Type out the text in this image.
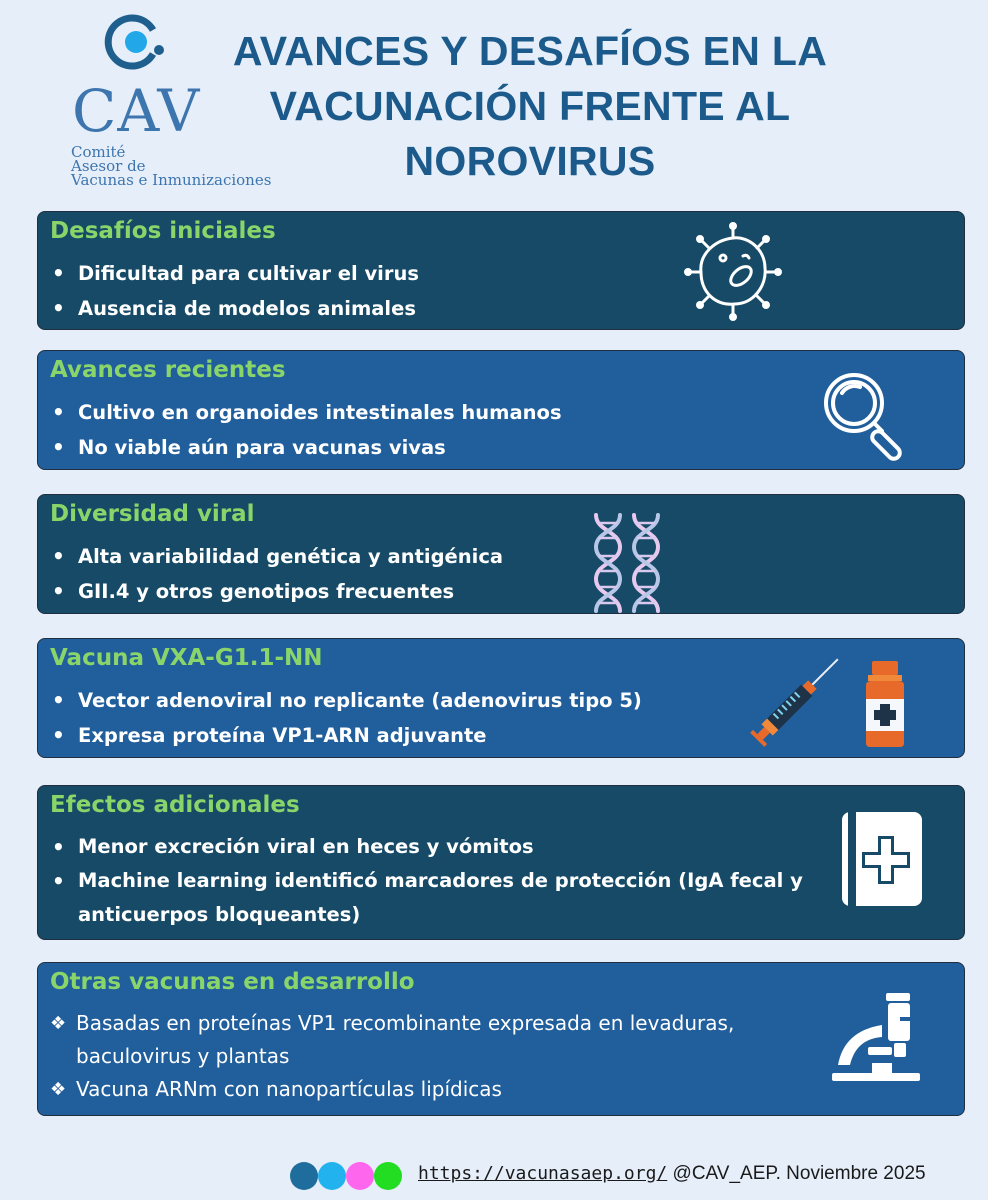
CAV
Comité
Asesor de
Vacunas e Inmunizaciones
AVANCES Y DESAFÍOS EN LA
VACUNACIÓN FRENTE AL
NOROVIRUS
Desafíos iniciales
• Dificultad para cultivar el virus
• Ausencia de modelos animales
Avances recientes
• Cultivo en organoides intestinales humanos
• No viable aún para vacunas vivas
Diversidad viral
• Alta variabilidad genética y antigénica
• GII.4 y otros genotipos frecuentes
Vacuna VXA-G1.1-NN
• Vector adenoviral no replicante (adenovirus tipo 5)
• Expresa proteína VP1-ARN adjuvante
Efectos adicionales
• Menor excreción viral en heces y vómitos
• Machine learning identificó marcadores de protección (IgA fecal y
anticuerpos bloqueantes)
Otras vacunas en desarrollo
❖ Basadas en proteínas VP1 recombinante expresada en levaduras,
baculovirus y plantas
❖ Vacuna ARNm con nanopartículas lipídicas
https://vacunasaep.org/ @CAV_AEP. Noviembre 2025
